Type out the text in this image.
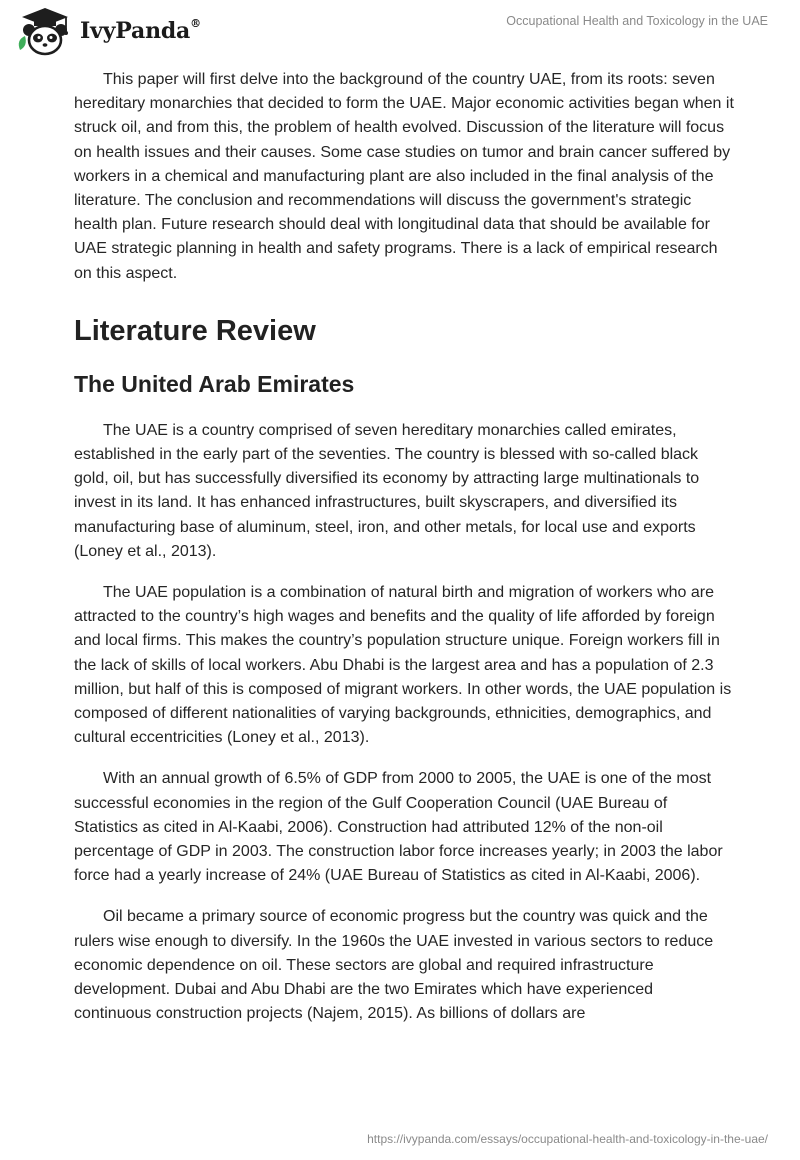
IvyPanda®	Occupational Health and Toxicology in the UAE

This paper will first delve into the background of the country UAE, from its roots: seven hereditary monarchies that decided to form the UAE. Major economic activities began when it struck oil, and from this, the problem of health evolved. Discussion of the literature will focus on health issues and their causes. Some case studies on tumor and brain cancer suffered by workers in a chemical and manufacturing plant are also included in the final analysis of the literature. The conclusion and recommendations will discuss the government's strategic health plan. Future research should deal with longitudinal data that should be available for UAE strategic planning in health and safety programs. There is a lack of empirical research on this aspect.

Literature Review
The United Arab Emirates

The UAE is a country comprised of seven hereditary monarchies called emirates, established in the early part of the seventies. The country is blessed with so-called black gold, oil, but has successfully diversified its economy by attracting large multinationals to invest in its land. It has enhanced infrastructures, built skyscrapers, and diversified its manufacturing base of aluminum, steel, iron, and other metals, for local use and exports (Loney et al., 2013).

The UAE population is a combination of natural birth and migration of workers who are attracted to the country’s high wages and benefits and the quality of life afforded by foreign and local firms. This makes the country’s population structure unique. Foreign workers fill in the lack of skills of local workers. Abu Dhabi is the largest area and has a population of 2.3 million, but half of this is composed of migrant workers. In other words, the UAE population is composed of different nationalities of varying backgrounds, ethnicities, demographics, and cultural eccentricities (Loney et al., 2013).

With an annual growth of 6.5% of GDP from 2000 to 2005, the UAE is one of the most successful economies in the region of the Gulf Cooperation Council (UAE Bureau of Statistics as cited in Al-Kaabi, 2006). Construction had attributed 12% of the non-oil percentage of GDP in 2003. The construction labor force increases yearly; in 2003 the labor force had a yearly increase of 24% (UAE Bureau of Statistics as cited in Al-Kaabi, 2006).

Oil became a primary source of economic progress but the country was quick and the rulers wise enough to diversify. In the 1960s the UAE invested in various sectors to reduce economic dependence on oil. These sectors are global and required infrastructure development. Dubai and Abu Dhabi are the two Emirates which have experienced continuous construction projects (Najem, 2015). As billions of dollars are

https://ivypanda.com/essays/occupational-health-and-toxicology-in-the-uae/
